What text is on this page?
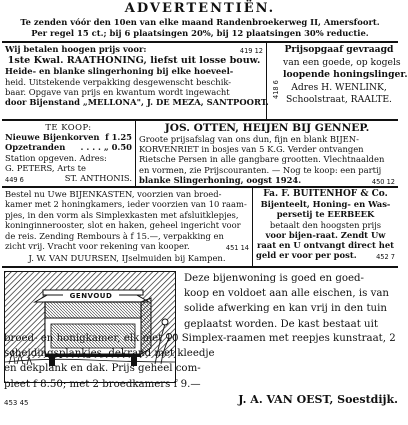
ADVERTENTIËN.
Te zenden vóór den 10en van elke maand Randenbroekerweg II, Amersfoort.
Per regel 15 ct.; bij 6 plaatsingen 20%, bij 12 plaatsingen 30% reductie.
Wij betalen hoogen prijs voor:	419 12
1ste Kwal. RAATHONING, liefst uit losse bouw.
Heide- en blanke slingerhoning bij elke hoeveel-
heid. Uitstekende verpakking desgewenscht beschik-
baar. Opgave van prijs en kwantum wordt ingewacht
door Bijenstand „MELLONA", J. DE MEZA, SANTPOORT.
418 6
Prijsopgaaf gevraagd
van een goede, op kogels
loopende honingslinger.
Adres H. WENLINK,
Schoolstraat, RAALTE.
TE KOOP:
Nieuwe Bijenkorven f 1.25
Opzetranden . . . . „ 0.50
Station opgeven. Adres:
G. PETERS, Arts te
449 6	ST. ANTHONIS.
JOS. OTTEN, HEIJEN BIJ GENNEP.
Groote prijsafslag van ons dun, fijn en blank BIJEN-
KORVENRIET in bosjes van 5 K.G. Verder ontvangen
Rietsche Persen in alle gangbare grootten. Vlechtnaalden
en vormen, zie Prijscouranten. — Nog te koop: een partij
blanke Slingerhoning, oogst 1924.	450 12
Bestel nu Uwe BIJENKASTEN, voorzien van broed-
kamer met 2 honingkamers, ieder voorzien van 10 raam-
pjes, in den vorm als Simplexkasten met afsluitklepjes,
koninginnerooster, slot en haken, geheel ingericht voor
de reis. Zending Rembours à f 15.—, verpakking en
zicht vrij. Vracht voor rekening van kooper.	451 14
J. W. VAN DUURSEN, IJselmuiden bij Kampen.
Fa. F. BUITENHOF & Co.
Bijenteelt, Honing- en Was-
persetij te EERBEEK
betaalt den hoogsten prijs
voor bijen-raat. Zendt Uw
raat en U ontvangt direct het
geld er voor per post.	452 7
GENVOUD
Deze bijenwoning is goed en goed-
koop en voldoet aan alle eischen, is van
solide afwerking en kan vrij in den tuin
geplaatst worden. De kast bestaat uit
broed- en honigkamer, elk met 10 Simplex-raamen met reepjes kunstraat, 2
scheidingsplankjes, dekrand met kleedje
en dekplank en dak. Prijs geheel com-
pleet f 8.50; met 2 broedkamers f 9.—
453 45	J. A. VAN OEST, Soestdijk.
